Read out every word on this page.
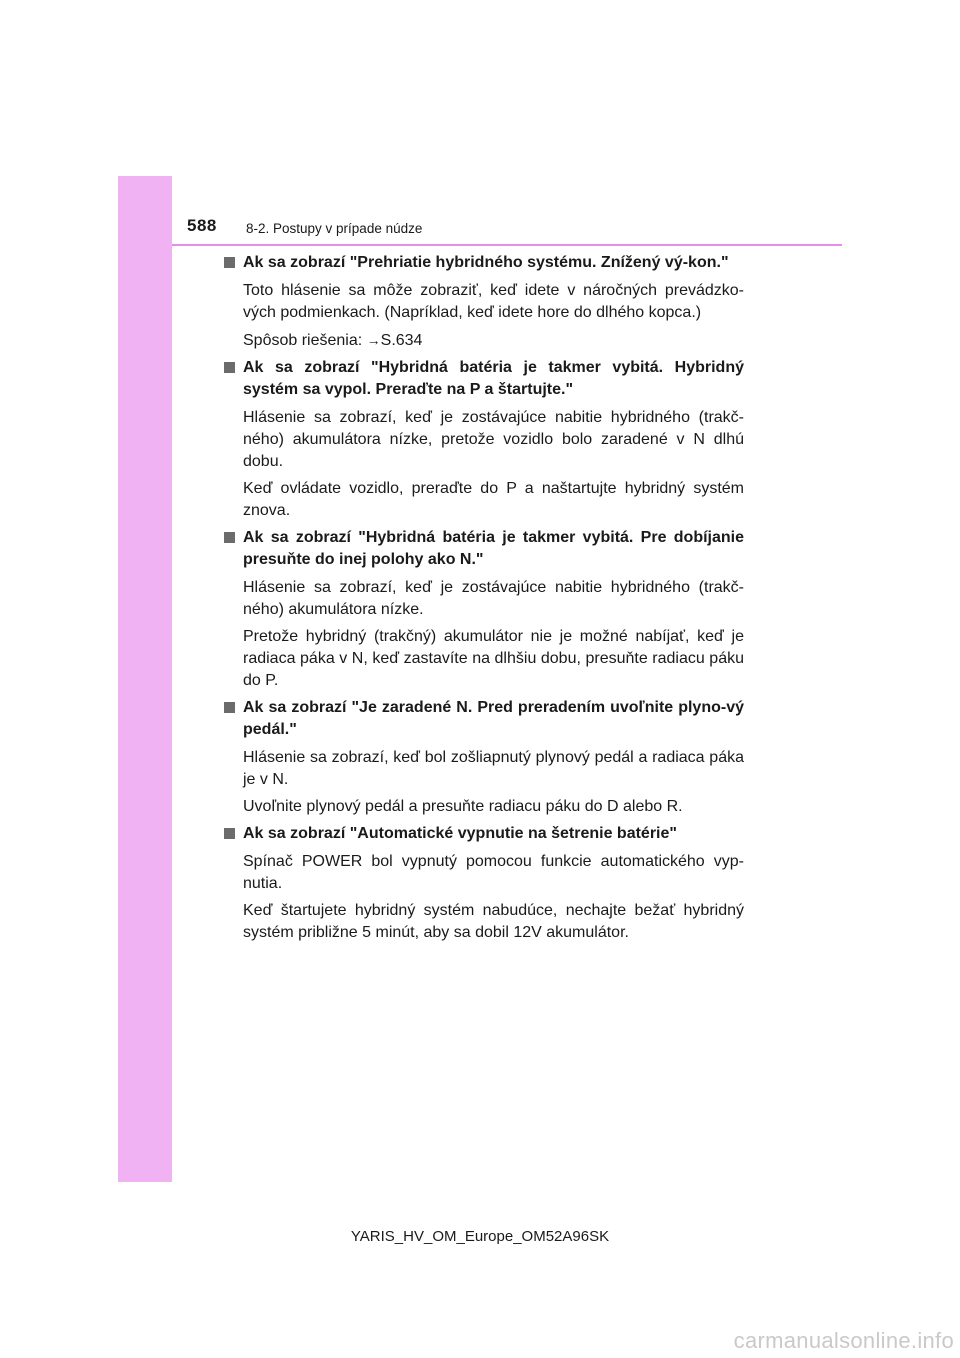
588 8-2. Postupy v prípade núdze
Ak sa zobrazí "Prehriatie hybridného systému. Znížený vý-kon."

Toto hlásenie sa môže zobraziť, keď idete v náročných prevádzko-vých podmienkach. (Napríklad, keď idete hore do dlhého kopca.)

Spôsob riešenia: →S.634

Ak sa zobrazí "Hybridná batéria je takmer vybitá. Hybridný systém sa vypol. Preraďte na P a štartujte."

Hlásenie sa zobrazí, keď je zostávajúce nabitie hybridného (trakč-ného) akumulátora nízke, pretože vozidlo bolo zaradené v N dlhú dobu.

Keď ovládate vozidlo, preraďte do P a naštartujte hybridný systém znova.

Ak sa zobrazí "Hybridná batéria je takmer vybitá. Pre dobíjanie presuňte do inej polohy ako N."

Hlásenie sa zobrazí, keď je zostávajúce nabitie hybridného (trakč-ného) akumulátora nízke.

Pretože hybridný (trakčný) akumulátor nie je možné nabíjať, keď je radiaca páka v N, keď zastavíte na dlhšiu dobu, presuňte radiacu páku do P.

Ak sa zobrazí "Je zaradené N. Pred preradením uvoľnite plyno-vý pedál."

Hlásenie sa zobrazí, keď bol zošliapnutý plynový pedál a radiaca páka je v N.

Uvoľnite plynový pedál a presuňte radiacu páku do D alebo R.

Ak sa zobrazí "Automatické vypnutie na šetrenie batérie"

Spínač POWER bol vypnutý pomocou funkcie automatického vyp-nutia.

Keď štartujete hybridný systém nabudúce, nechajte bežať hybridný systém približne 5 minút, aby sa dobil 12V akumulátor.

YARIS_HV_OM_Europe_OM52A96SK
carmanualsonline.info
